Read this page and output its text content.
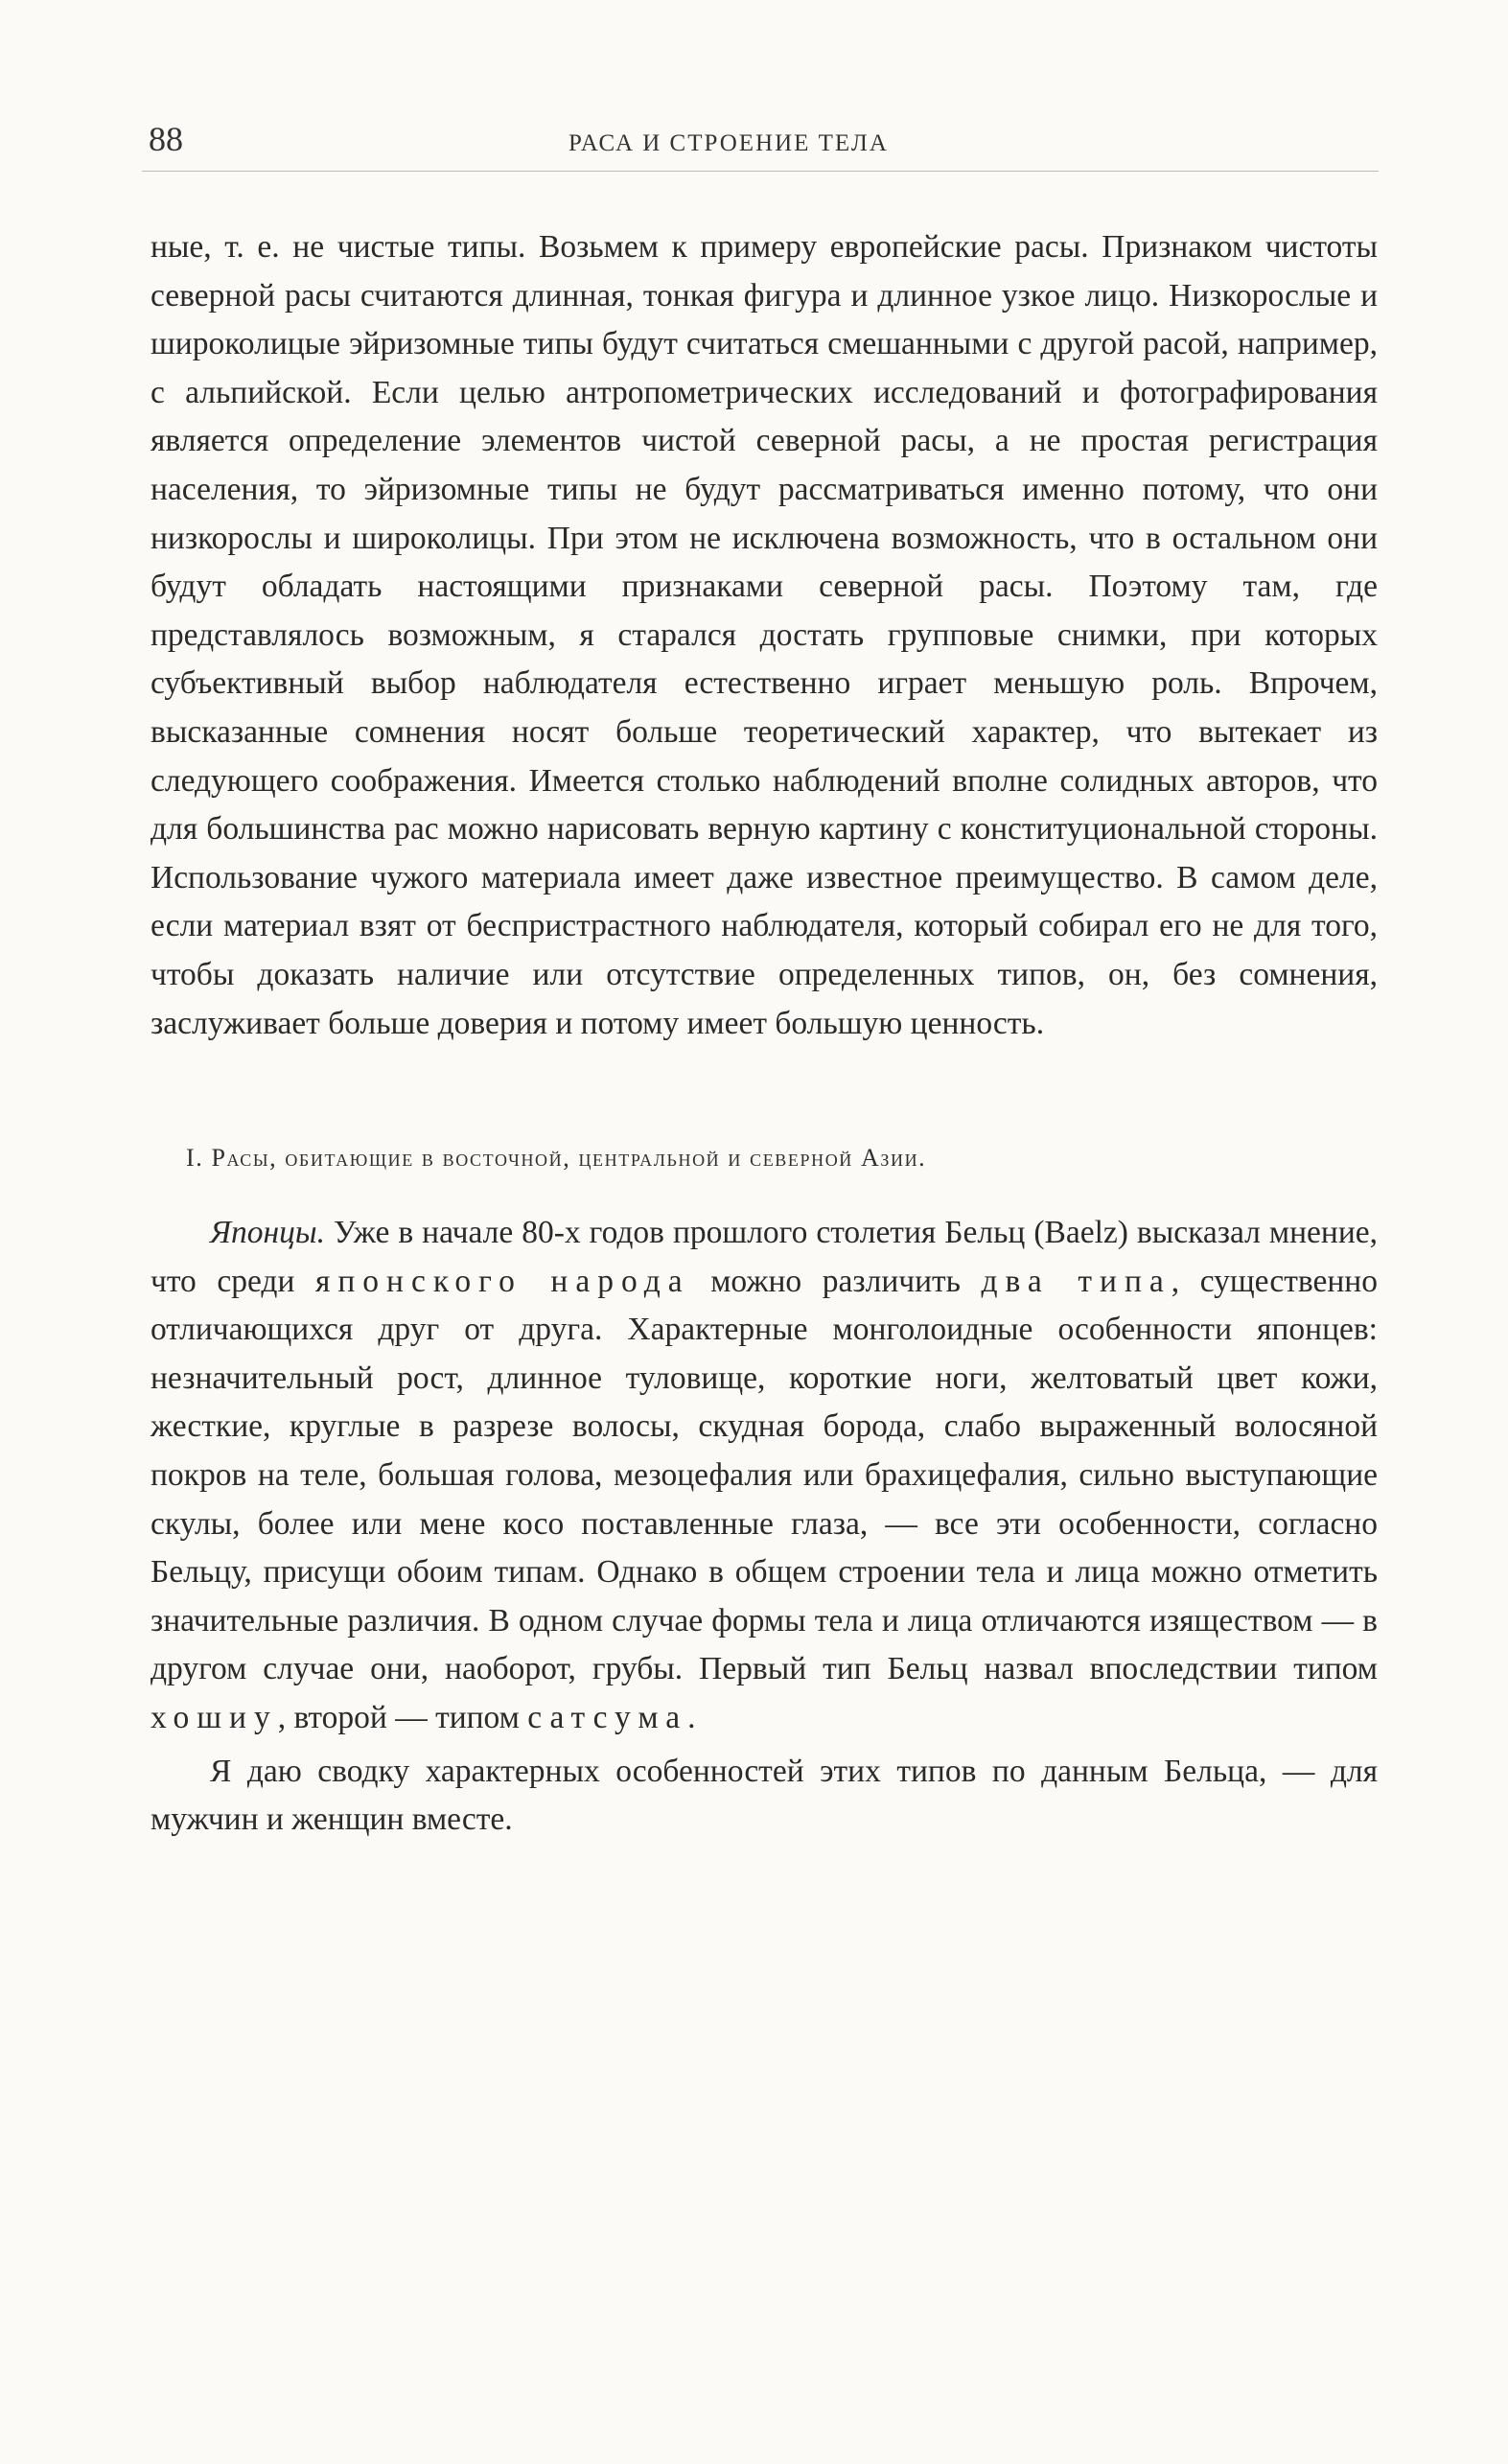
88	РАСА И СТРОЕНИЕ ТЕЛА

ные, т. е. не чистые типы. Возьмем к примеру европейские расы. Признаком чистоты северной расы считаются длинная, тонкая фигура и длинное узкое лицо. Низкорослые и широколицые эйризомные типы будут считаться смешанными с другой расой, например, с альпийской. Если целью антропометрических исследований и фотографирования является определение элементов чистой северной расы, а не простая регистрация населения, то эйризомные типы не будут рассматриваться именно потому, что они низкорослы и широколицы. При этом не исключена возможность, что в остальном они будут обладать настоящими признаками северной расы. Поэтому там, где представлялось возможным, я старался достать групповые снимки, при которых субъективный выбор наблюдателя естественно играет меньшую роль. Впрочем, высказанные сомнения носят больше теоретический характер, что вытекает из следующего соображения. Имеется столько наблюдений вполне солидных авторов, что для большинства рас можно нарисовать верную картину с конституциональной стороны. Использование чужого материала имеет даже известное преимущество. В самом деле, если материал взят от беспристрастного наблюдателя, который собирал его не для того, чтобы доказать наличие или отсутствие определенных типов, он, без сомнения, заслуживает больше доверия и потому имеет большую ценность.

I. Расы, обитающие в восточной, центральной и северной Азии.

Японцы. Уже в начале 80-х годов прошлого столетия Бельц (Baelz) высказал мнение, что среди японского народа можно различить два типа, существенно отличающихся друг от друга. Характерные монголоидные особенности японцев: незначительный рост, длинное туловище, короткие ноги, желтоватый цвет кожи, жесткие, круглые в разрезе волосы, скудная борода, слабо выраженный волосяной покров на теле, большая голова, мезоцефалия или брахицефалия, сильно выступающие скулы, более или мене косо поставленные глаза, — все эти особенности, согласно Бельцу, присущи обоим типам. Однако в общем строении тела и лица можно отметить значительные различия. В одном случае формы тела и лица отличаются изяществом — в другом случае они, наоборот, грубы. Первый тип Бельц назвал впоследствии типом хошиу, второй — типом сатсума.

Я даю сводку характерных особенностей этих типов по данным Бельца, — для мужчин и женщин вместе.
